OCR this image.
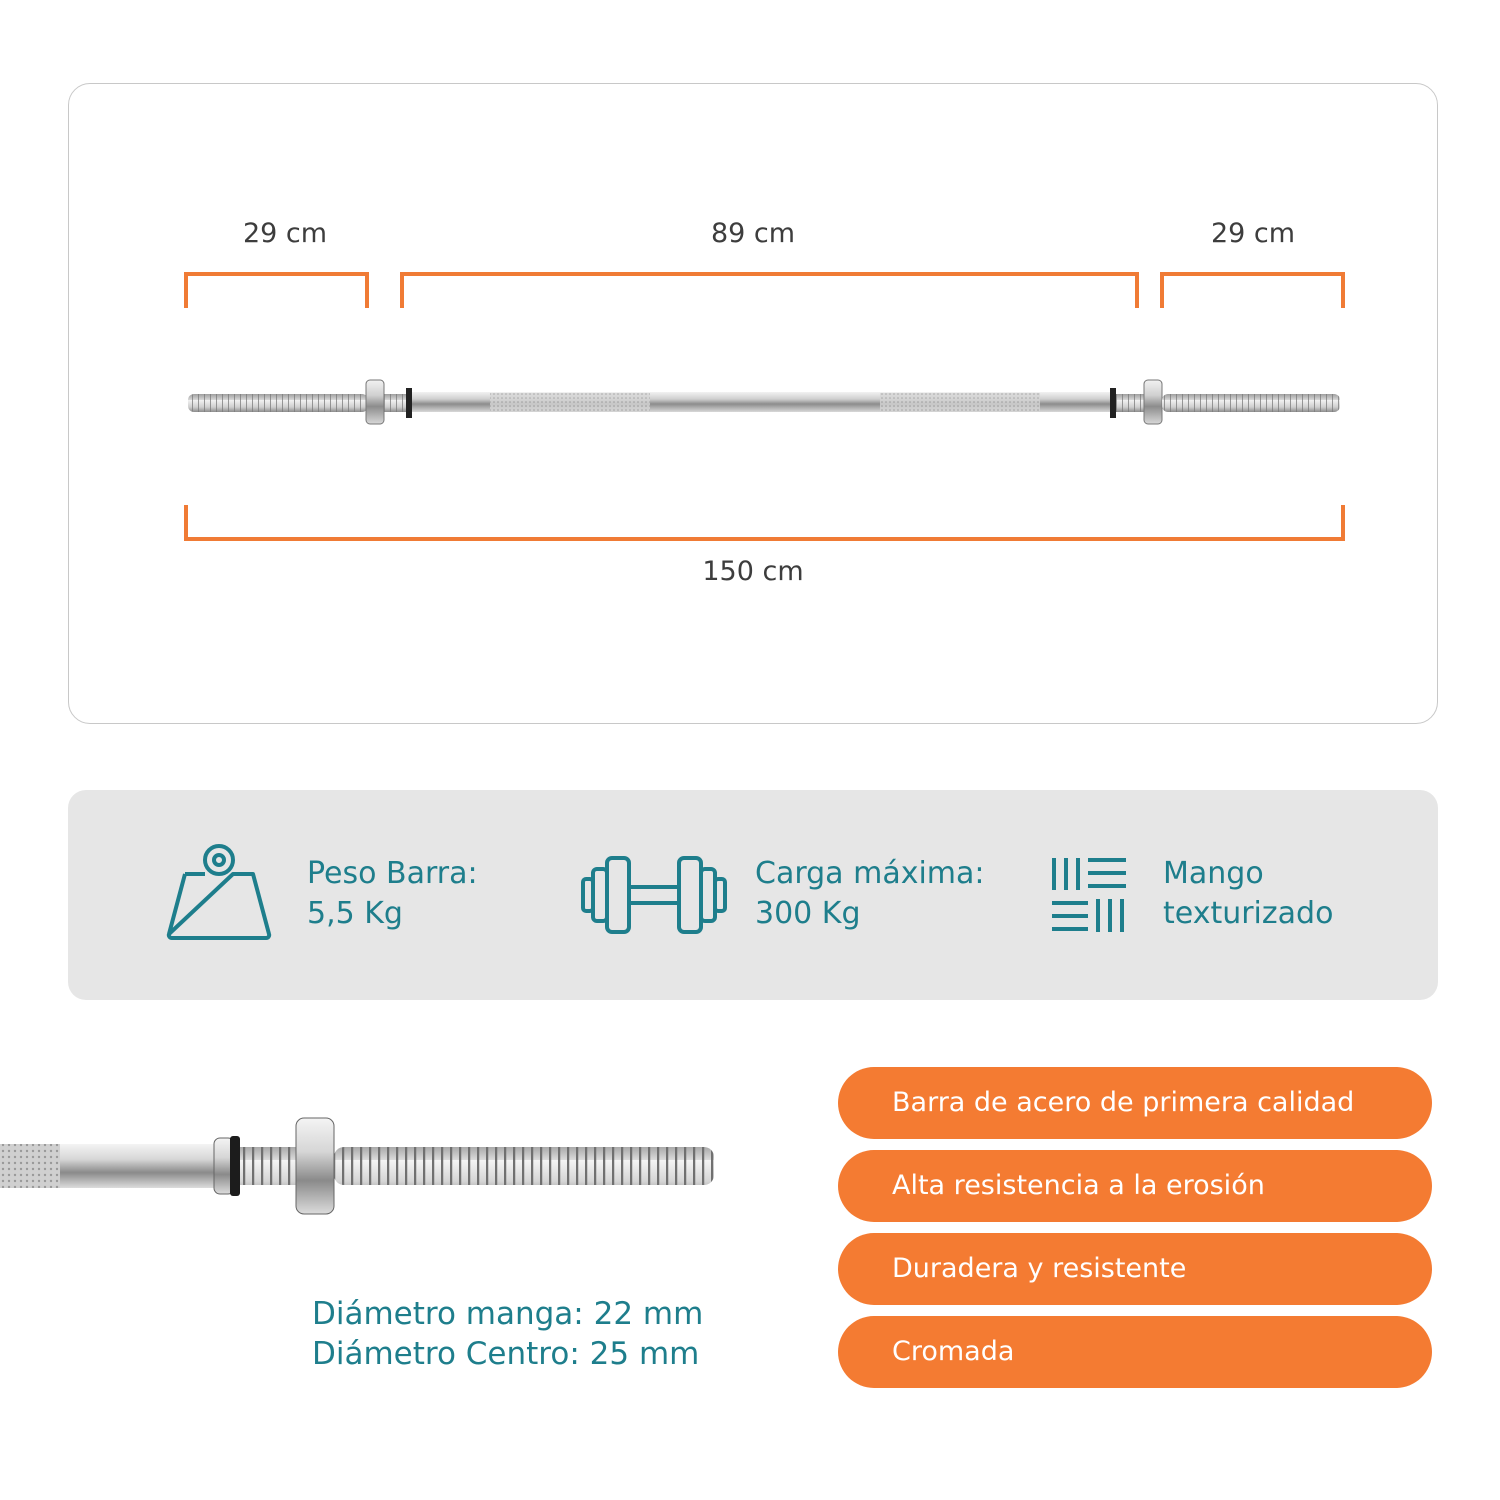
29 cm	89 cm	29 cm
150 cm
Peso Barra:
5,5 Kg
Carga máxima:
300 Kg
Mango
texturizado
Diámetro manga: 22 mm
Diámetro Centro: 25 mm
Barra de acero de primera calidad
Alta resistencia a la erosión
Duradera y resistente
Cromada
